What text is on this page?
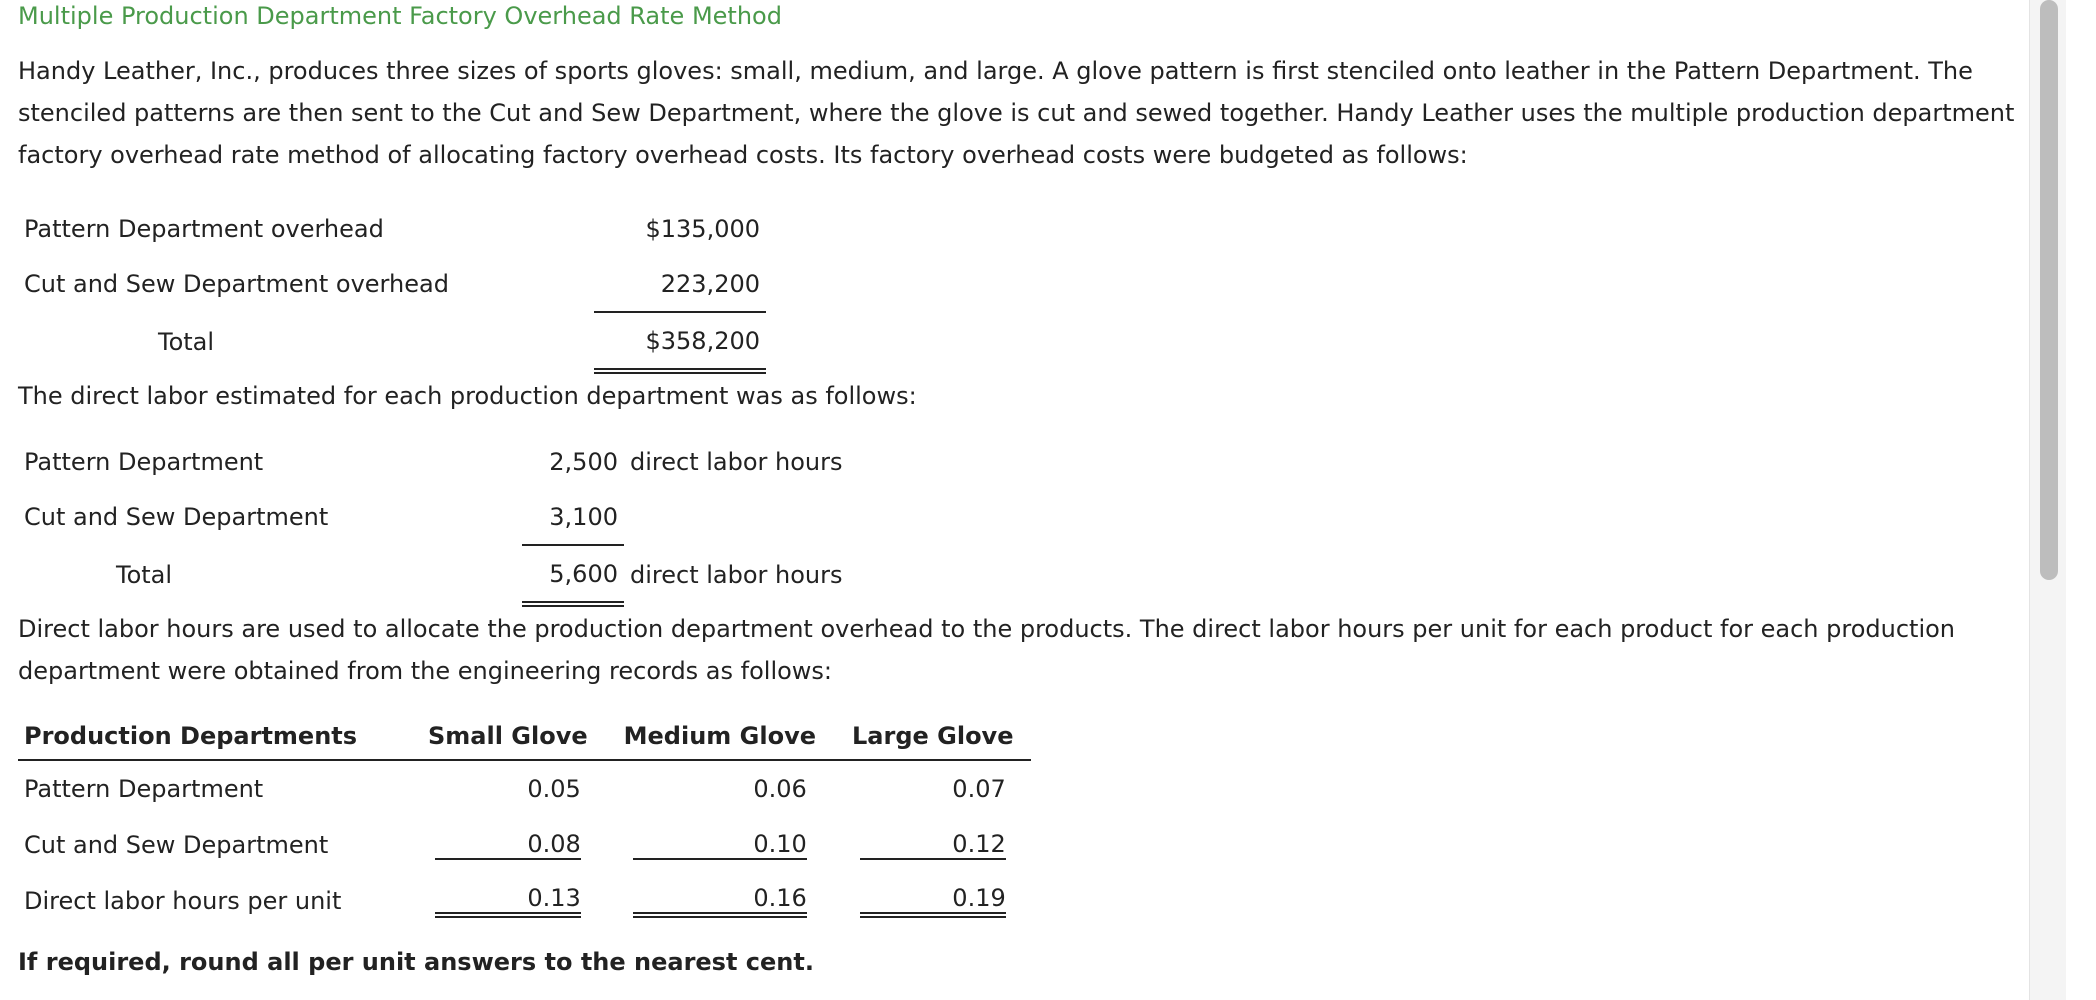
Multiple Production Department Factory Overhead Rate Method

Handy Leather, Inc., produces three sizes of sports gloves: small, medium, and large. A glove pattern is first stenciled onto leather in the Pattern Department. The stenciled patterns are then sent to the Cut and Sew Department, where the glove is cut and sewed together. Handy Leather uses the multiple production department factory overhead rate method of allocating factory overhead costs. Its factory overhead costs were budgeted as follows:

Pattern Department overhead	$135,000
Cut and Sew Department overhead	223,200
Total	$358,200

The direct labor estimated for each production department was as follows:

Pattern Department	2,500	direct labor hours
Cut and Sew Department	3,100	
Total	5,600	direct labor hours

Direct labor hours are used to allocate the production department overhead to the products. The direct labor hours per unit for each product for each production department were obtained from the engineering records as follows:

Production Departments	Small Glove	Medium Glove	Large Glove
Pattern Department	0.05	0.06	0.07

Cut and Sew Department	0.08	0.10	0.12

Direct labor hours per unit	0.13	0.16	0.19
If required, round all per unit answers to the nearest cent.
